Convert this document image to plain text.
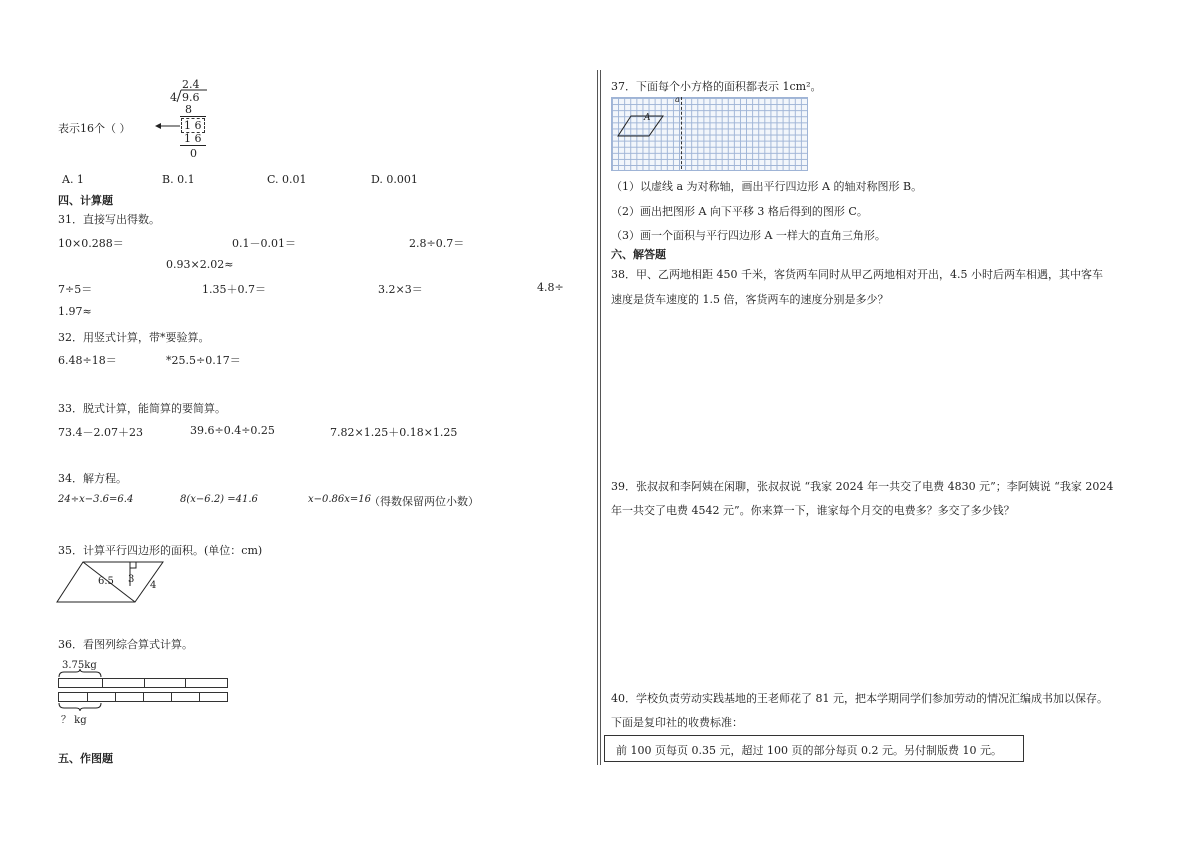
2.4
4 9.6
8
1 6
1 6
0
表示16个（ ）
A. 1	B. 0.1	C. 0.01	D. 0.001
四、计算题
31．直接写出得数。
10×0.288＝	0.1－0.01＝	2.8÷0.7＝
0.93×2.02≈
7÷5＝	1.35＋0.7＝	3.2×3＝	4.8÷
1.97≈
32．用竖式计算，带*要验算。
6.48÷18＝	*25.5÷0.17＝
33．脱式计算，能简算的要简算。
73.4－2.07＋23	39.6÷0.4÷0.25	7.82×1.25＋0.18×1.25
34．解方程。
24÷x−3.6=6.4	8(x−6.2) =41.6	x−0.86x=16
（得数保留两位小数）
35．计算平行四边形的面积。(单位：cm)
6.5 3
4
36．看图列综合算式计算。
3.75kg
？ kg
五、作图题
37．下面每个小方格的面积都表示 1cm²。
a
A
（1）以虚线 a 为对称轴，画出平行四边形 A 的轴对称图形 B。
（2）画出把图形 A 向下平移 3 格后得到的图形 C。
（3）画一个面积与平行四边形 A 一样大的直角三角形。
六、解答题
38．甲、乙两地相距 450 千米，客货两车同时从甲乙两地相对开出，4.5 小时后两车相遇，其中客车
速度是货车速度的 1.5 倍，客货两车的速度分别是多少？
39．张叔叔和李阿姨在闲聊，张叔叔说 “我家 2024 年一共交了电费 4830 元”；李阿姨说 “我家 2024
年一共交了电费 4542 元”。你来算一下，谁家每个月交的电费多？多交了多少钱？
40．学校负责劳动实践基地的王老师花了 81 元，把本学期同学们参加劳动的情况汇编成书加以保存。
下面是复印社的收费标准：
前 100 页每页 0.35 元，超过 100 页的部分每页 0.2 元。另付制版费 10 元。
